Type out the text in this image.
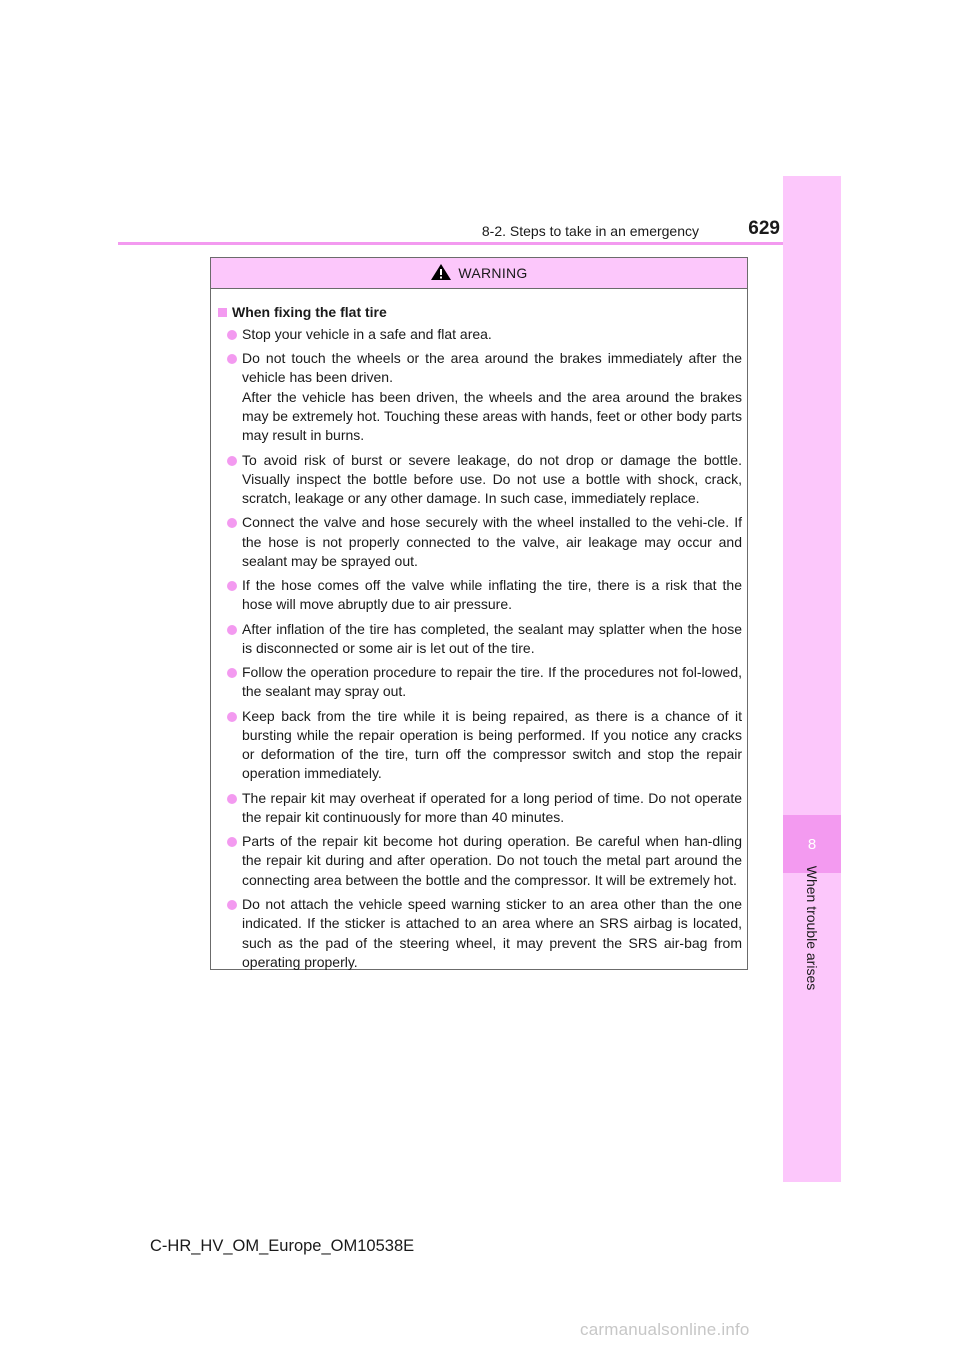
8-2. Steps to take in an emergency	629
8
When trouble arises
WARNING
When fixing the flat tire
Stop your vehicle in a safe and flat area.
Do not touch the wheels or the area around the brakes immediately after the vehicle has been driven.
After the vehicle has been driven, the wheels and the area around the brakes may be extremely hot. Touching these areas with hands, feet or other body parts may result in burns.
To avoid risk of burst or severe leakage, do not drop or damage the bottle. Visually inspect the bottle before use. Do not use a bottle with shock, crack, scratch, leakage or any other damage. In such case, immediately replace.
Connect the valve and hose securely with the wheel installed to the vehi-cle. If the hose is not properly connected to the valve, air leakage may occur and sealant may be sprayed out.
If the hose comes off the valve while inflating the tire, there is a risk that the hose will move abruptly due to air pressure.
After inflation of the tire has completed, the sealant may splatter when the hose is disconnected or some air is let out of the tire.
Follow the operation procedure to repair the tire. If the procedures not fol-lowed, the sealant may spray out.
Keep back from the tire while it is being repaired, as there is a chance of it bursting while the repair operation is being performed. If you notice any cracks or deformation of the tire, turn off the compressor switch and stop the repair operation immediately.
The repair kit may overheat if operated for a long period of time. Do not operate the repair kit continuously for more than 40 minutes.
Parts of the repair kit become hot during operation. Be careful when han-dling the repair kit during and after operation. Do not touch the metal part around the connecting area between the bottle and the compressor. It will be extremely hot.
Do not attach the vehicle speed warning sticker to an area other than the one indicated. If the sticker is attached to an area where an SRS airbag is located, such as the pad of the steering wheel, it may prevent the SRS air-bag from operating properly.
C-HR_HV_OM_Europe_OM10538E
carmanualsonline.info
